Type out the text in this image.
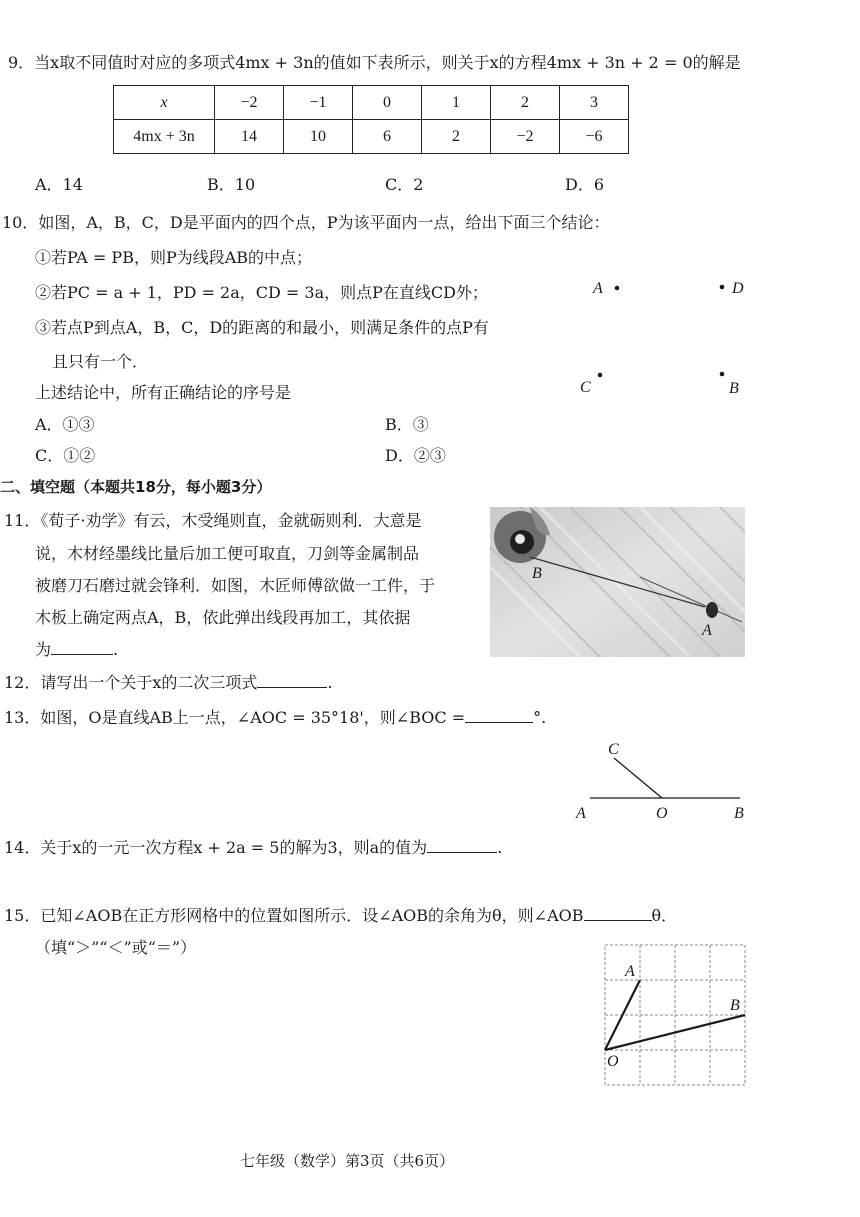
9．当x取不同值时对应的多项式4mx + 3n的值如下表所示，则关于x的方程4mx + 3n + 2 = 0的解是
x	−2	−1	0	1	2	3
4mx + 3n	14	10	6	2	−2	−6
A．14	B．10	C．2	D．6
10．如图，A，B，C，D是平面内的四个点，P为该平面内一点，给出下面三个结论：
①若PA = PB，则P为线段AB的中点；
②若PC = a + 1，PD = 2a，CD = 3a，则点P在直线CD外；
③若点P到点A，B，C，D的距离的和最小，则满足条件的点P有
且只有一个．
上述结论中，所有正确结论的序号是
A．①③	B．③
C．①②	D．②③
A	D
C	B
二、填空题（本题共18分，每小题3分）
11．《荀子·劝学》有云，木受绳则直，金就砺则利．大意是
说，木材经墨线比量后加工便可取直，刀剑等金属制品
被磨刀石磨过就会锋利．如图，木匠师傅欲做一工件，于
木板上确定两点A，B，依此弹出线段再加工，其依据
为	.
B
A
12．请写出一个关于x的二次三项式	.
13．如图，O是直线AB上一点，∠AOC = 35°18'，则∠BOC =	°.
C
A	O	B
14．关于x的一元一次方程x + 2a = 5的解为3，则a的值为	.
15．已知∠AOB在正方形网格中的位置如图所示．设∠AOB的余角为θ，则∠AOB	θ．
（填“＞”“＜”或“＝”）
A
B
O
七年级（数学）第3页（共6页）
